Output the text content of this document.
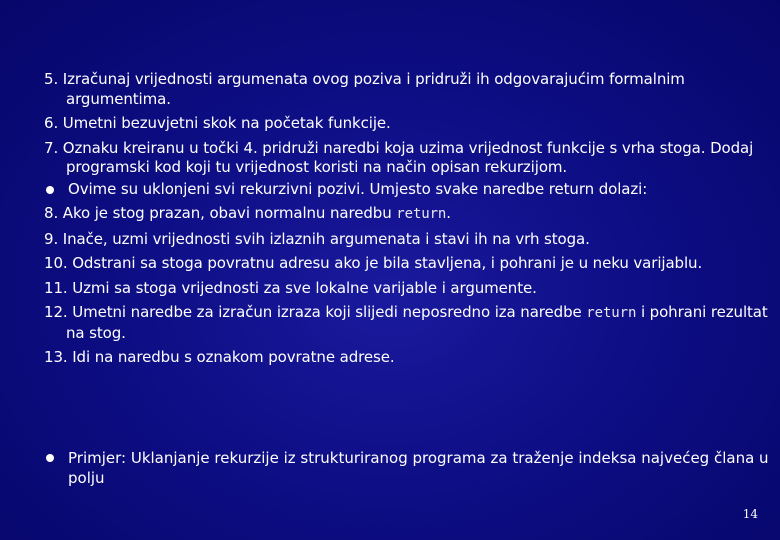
5. Izračunaj vrijednosti argumenata ovog poziva i pridruži ih odgovarajućim formalnim argumentima.

6. Umetni bezuvjetni skok na početak funkcije.

7. Oznaku kreiranu u točki 4. pridruži naredbi koja uzima vrijednost funkcije s vrha stoga. Dodaj programski kod koji tu vrijednost koristi na način opisan rekurzijom.

Ovime su uklonjeni svi rekurzivni pozivi. Umjesto svake naredbe return dolazi:

8. Ako je stog prazan, obavi normalnu naredbu return.

9. Inače, uzmi vrijednosti svih izlaznih argumenata i stavi ih na vrh stoga.

10. Odstrani sa stoga povratnu adresu ako je bila stavljena, i pohrani je u neku varijablu.

11. Uzmi sa stoga vrijednosti za sve lokalne varijable i argumente.

12. Umetni naredbe za izračun izraza koji slijedi neposredno iza naredbe return i pohrani rezultat na stog.

13. Idi na naredbu s oznakom povratne adrese.

Primjer: Uklanjanje rekurzije iz strukturiranog programa za traženje indeksa najvećeg člana u polju
14
